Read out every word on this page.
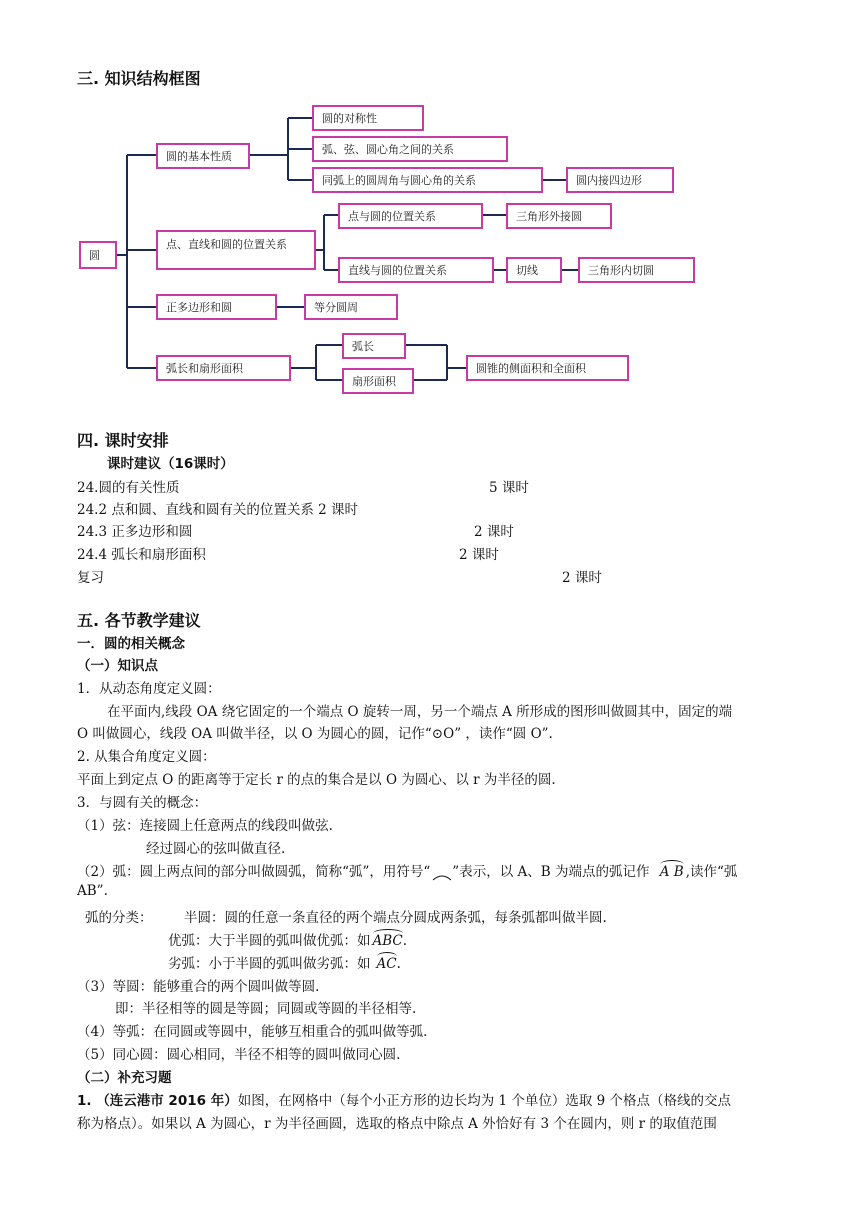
三. 知识结构框图
圆
圆的基本性质
圆的对称性
弧、弦、圆心角之间的关系
同弧上的圆周角与圆心角的关系	圆内接四边形
点、直线和圆的位置关系
点与圆的位置关系	三角形外接圆
直线与圆的位置关系	切线	三角形内切圆
正多边形和圆	等分圆周
弧长和扇形面积
弧长
扇形面积
圆锥的侧面积和全面积
四. 课时安排
课时建议（16课时）
24.圆的有关性质	5 课时
24.2 点和圆、直线和圆有关的位置关系 2 课时
24.3 正多边形和圆	2 课时
24.4 弧长和扇形面积	2 课时
复习	2 课时
五. 各节教学建议
一．圆的相关概念
（一）知识点
1．从动态角度定义圆：
在平面内,线段 OA 绕它固定的一个端点 O 旋转一周，另一个端点 A 所形成的图形叫做圆其中，固定的端
O 叫做圆心，线段 OA 叫做半径，以 O 为圆心的圆，记作“⊙O” ，读作“圆 O”.
2. 从集合角度定义圆：
平面上到定点 O 的距离等于定长 r 的点的集合是以 O 为圆心、以 r 为半径的圆.
3．与圆有关的概念：
（1）弦：连接圆上任意两点的线段叫做弦.
经过圆心的弦叫做直径.
（2）弧：圆上两点间的部分叫做圆弧，简称“弧”，用符号“ ”表示，以 A、B 为端点的弧记作 A B ,读作“弧
AB”.
弧的分类： 半圆：圆的任意一条直径的两个端点分圆成两条弧，每条弧都叫做半圆.
优弧：大于半圆的弧叫做优弧：如 ABC.
劣弧：小于半圆的弧叫做劣弧：如 AC.
（3）等圆：能够重合的两个圆叫做等圆.
即：半径相等的圆是等圆；同圆或等圆的半径相等.
（4）等弧：在同圆或等圆中，能够互相重合的弧叫做等弧.
（5）同心圆：圆心相同，半径不相等的圆叫做同心圆.
（二）补充习题
1. （连云港市 2016 年）如图，在网格中（每个小正方形的边长均为 1 个单位）选取 9 个格点（格线的交点
称为格点）。如果以 A 为圆心，r 为半径画圆，选取的格点中除点 A 外恰好有 3 个在圆内，则 r 的取值范围
